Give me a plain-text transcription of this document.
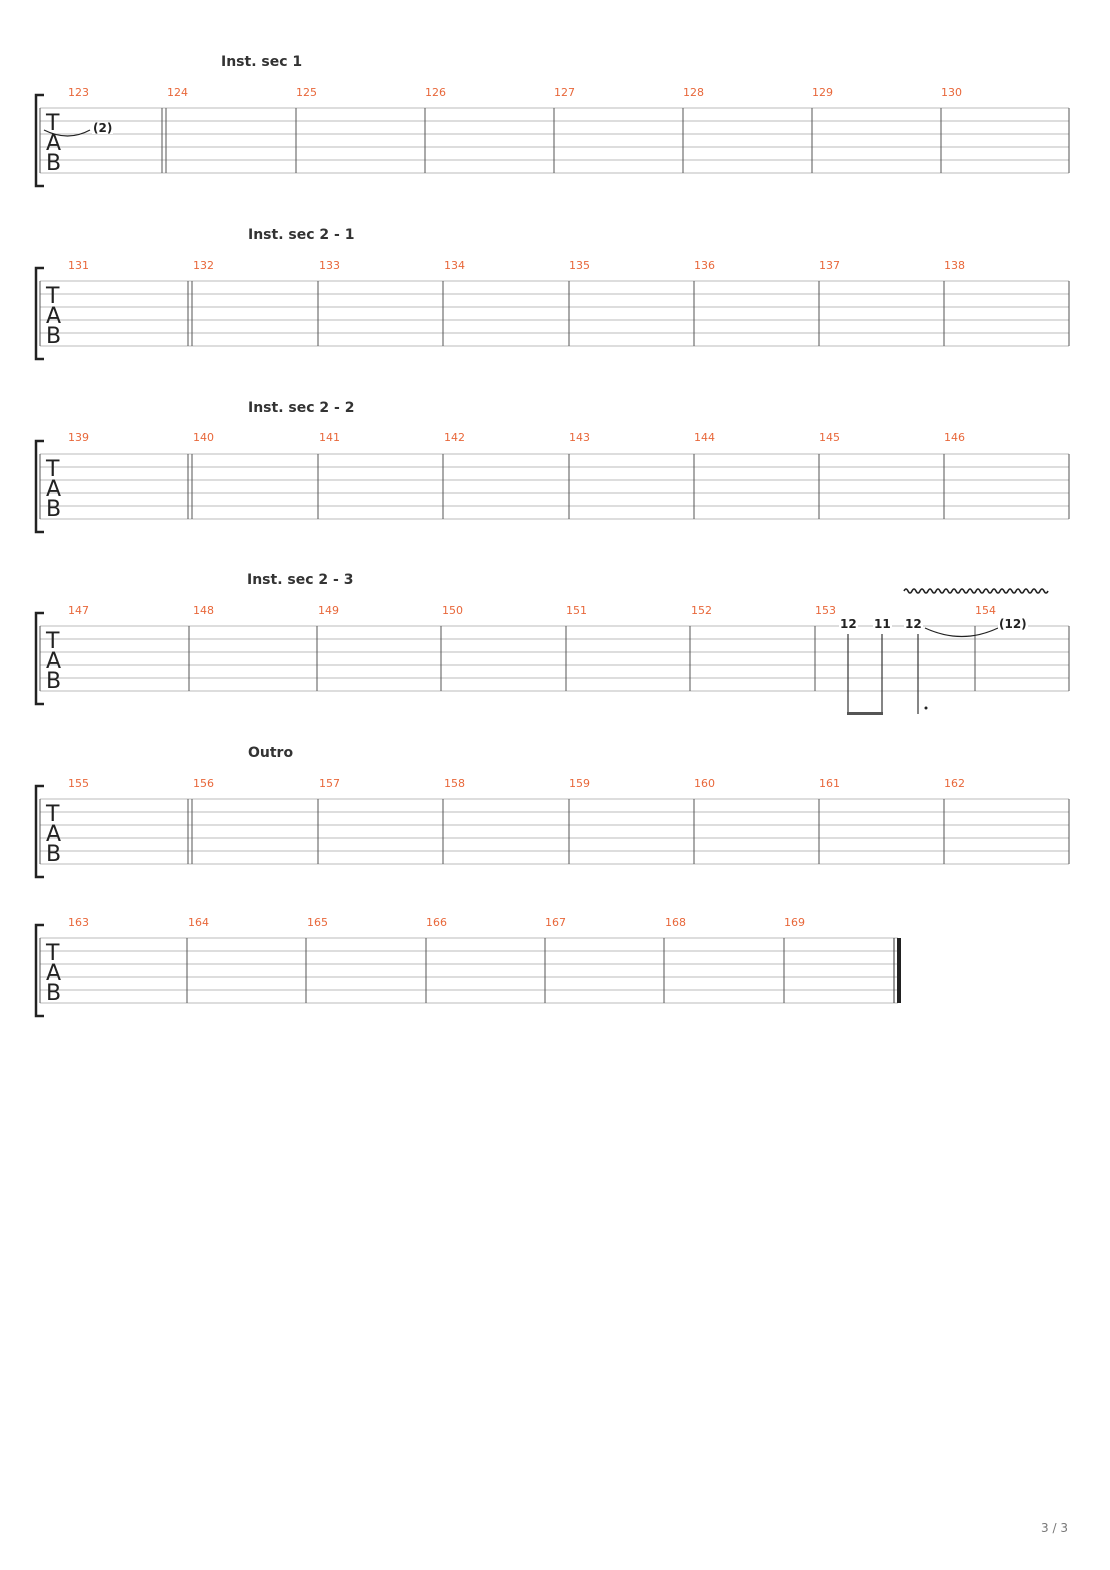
T
A
B
T
A
B
T
A
B
T
A
B
T
A
B
T
A
B
Inst. sec 1
Inst. sec 2 - 1
Inst. sec 2 - 2
Inst. sec 2 - 3
Outro
123	124	125	126	127	128	129	130
131	132	133	134	135	136	137	138
139	140	141	142	143	144	145	146
147	148	149	150	151	152	153	154
155	156	157	158	159	160	161	162
163	164	165	166	167	168	169
(2)
12 11 12	(12)
3 / 3
